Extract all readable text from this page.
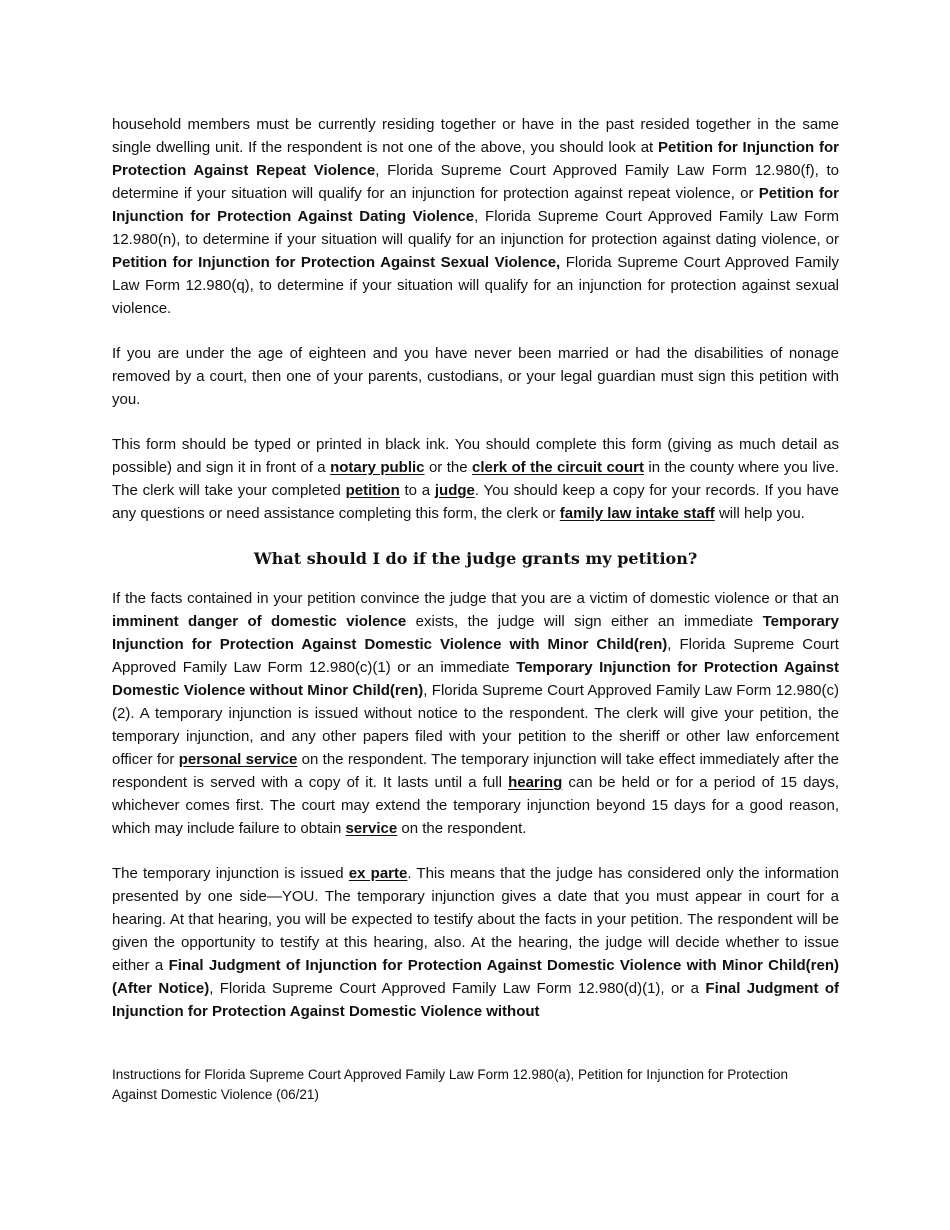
household members must be currently residing together or have in the past resided together in the same single dwelling unit. If the respondent is not one of the above, you should look at Petition for Injunction for Protection Against Repeat Violence, Florida Supreme Court Approved Family Law Form 12.980(f), to determine if your situation will qualify for an injunction for protection against repeat violence, or Petition for Injunction for Protection Against Dating Violence, Florida Supreme Court Approved Family Law Form 12.980(n), to determine if your situation will qualify for an injunction for protection against dating violence, or Petition for Injunction for Protection Against Sexual Violence, Florida Supreme Court Approved Family Law Form 12.980(q), to determine if your situation will qualify for an injunction for protection against sexual violence.

If you are under the age of eighteen and you have never been married or had the disabilities of nonage removed by a court, then one of your parents, custodians, or your legal guardian must sign this petition with you.

This form should be typed or printed in black ink. You should complete this form (giving as much detail as possible) and sign it in front of a notary public or the clerk of the circuit court in the county where you live. The clerk will take your completed petition to a judge. You should keep a copy for your records. If you have any questions or need assistance completing this form, the clerk or family law intake staff will help you.

What should I do if the judge grants my petition?

If the facts contained in your petition convince the judge that you are a victim of domestic violence or that an imminent danger of domestic violence exists, the judge will sign either an immediate Temporary Injunction for Protection Against Domestic Violence with Minor Child(ren), Florida Supreme Court Approved Family Law Form 12.980(c)(1) or an immediate Temporary Injunction for Protection Against Domestic Violence without Minor Child(ren), Florida Supreme Court Approved Family Law Form 12.980(c)(2). A temporary injunction is issued without notice to the respondent. The clerk will give your petition, the temporary injunction, and any other papers filed with your petition to the sheriff or other law enforcement officer for personal service on the respondent. The temporary injunction will take effect immediately after the respondent is served with a copy of it. It lasts until a full hearing can be held or for a period of 15 days, whichever comes first. The court may extend the temporary injunction beyond 15 days for a good reason, which may include failure to obtain service on the respondent.

The temporary injunction is issued ex parte. This means that the judge has considered only the information presented by one side—YOU. The temporary injunction gives a date that you must appear in court for a hearing. At that hearing, you will be expected to testify about the facts in your petition. The respondent will be given the opportunity to testify at this hearing, also. At the hearing, the judge will decide whether to issue either a Final Judgment of Injunction for Protection Against Domestic Violence with Minor Child(ren)(After Notice), Florida Supreme Court Approved Family Law Form 12.980(d)(1), or a Final Judgment of Injunction for Protection Against Domestic Violence without

Instructions for Florida Supreme Court Approved Family Law Form 12.980(a), Petition for Injunction for Protection
Against Domestic Violence (06/21)
